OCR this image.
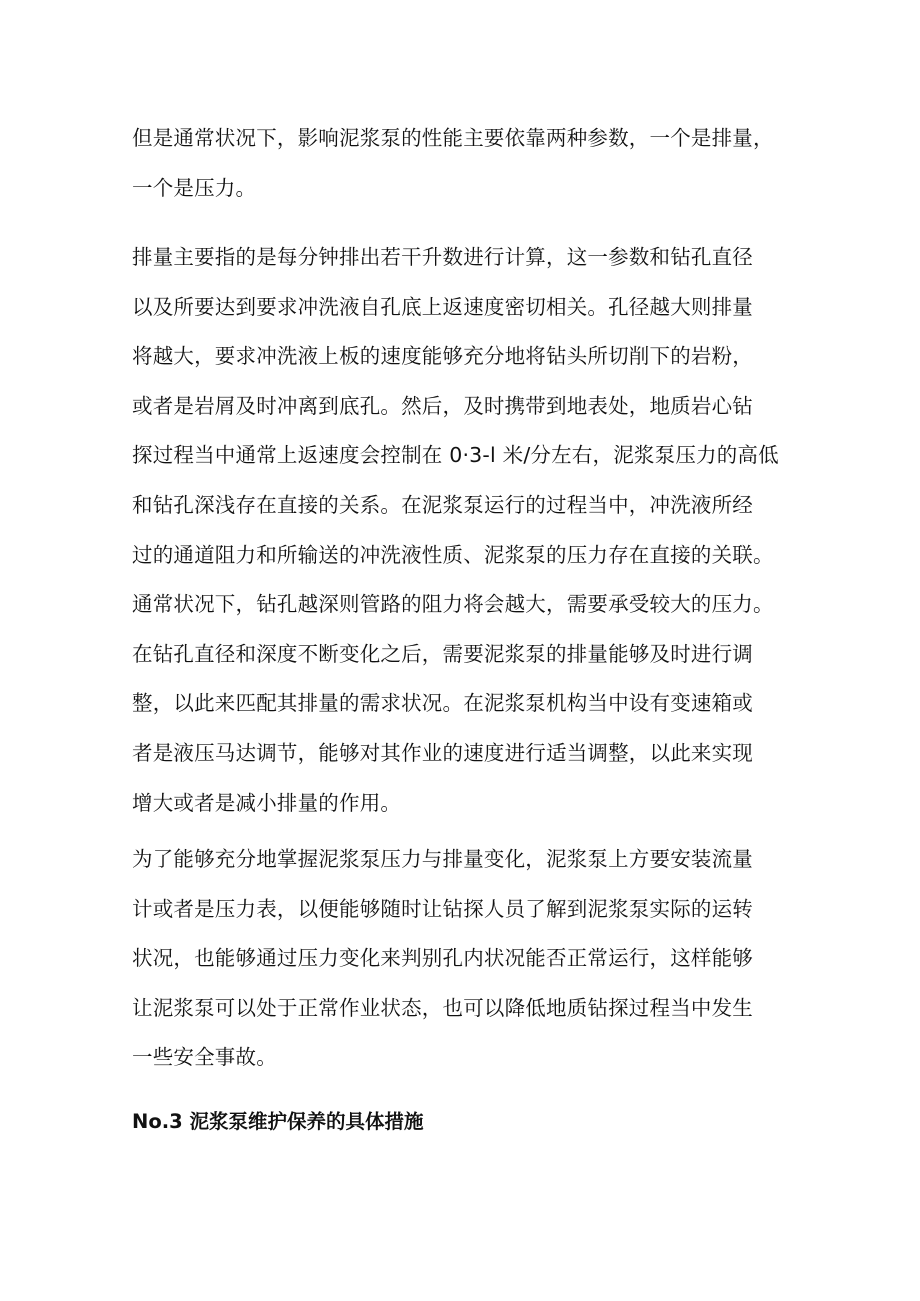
但是通常状况下，影响泥浆泵的性能主要依靠两种参数，一个是排量，
一个是压力。
排量主要指的是每分钟排出若干升数进行计算，这一参数和钻孔直径
以及所要达到要求冲洗液自孔底上返速度密切相关。孔径越大则排量
将越大，要求冲洗液上板的速度能够充分地将钻头所切削下的岩粉，
或者是岩屑及时冲离到底孔。然后，及时携带到地表处，地质岩心钻
探过程当中通常上返速度会控制在 0·3-l 米/分左右，泥浆泵压力的高低
和钻孔深浅存在直接的关系。在泥浆泵运行的过程当中，冲洗液所经
过的通道阻力和所输送的冲洗液性质、泥浆泵的压力存在直接的关联。
通常状况下，钻孔越深则管路的阻力将会越大，需要承受较大的压力。
在钻孔直径和深度不断变化之后，需要泥浆泵的排量能够及时进行调
整，以此来匹配其排量的需求状况。在泥浆泵机构当中设有变速箱或
者是液压马达调节，能够对其作业的速度进行适当调整，以此来实现
增大或者是减小排量的作用。
为了能够充分地掌握泥浆泵压力与排量变化，泥浆泵上方要安装流量
计或者是压力表，以便能够随时让钻探人员了解到泥浆泵实际的运转
状况，也能够通过压力变化来判别孔内状况能否正常运行，这样能够
让泥浆泵可以处于正常作业状态，也可以降低地质钻探过程当中发生
一些安全事故。
No.3 泥浆泵维护保养的具体措施
